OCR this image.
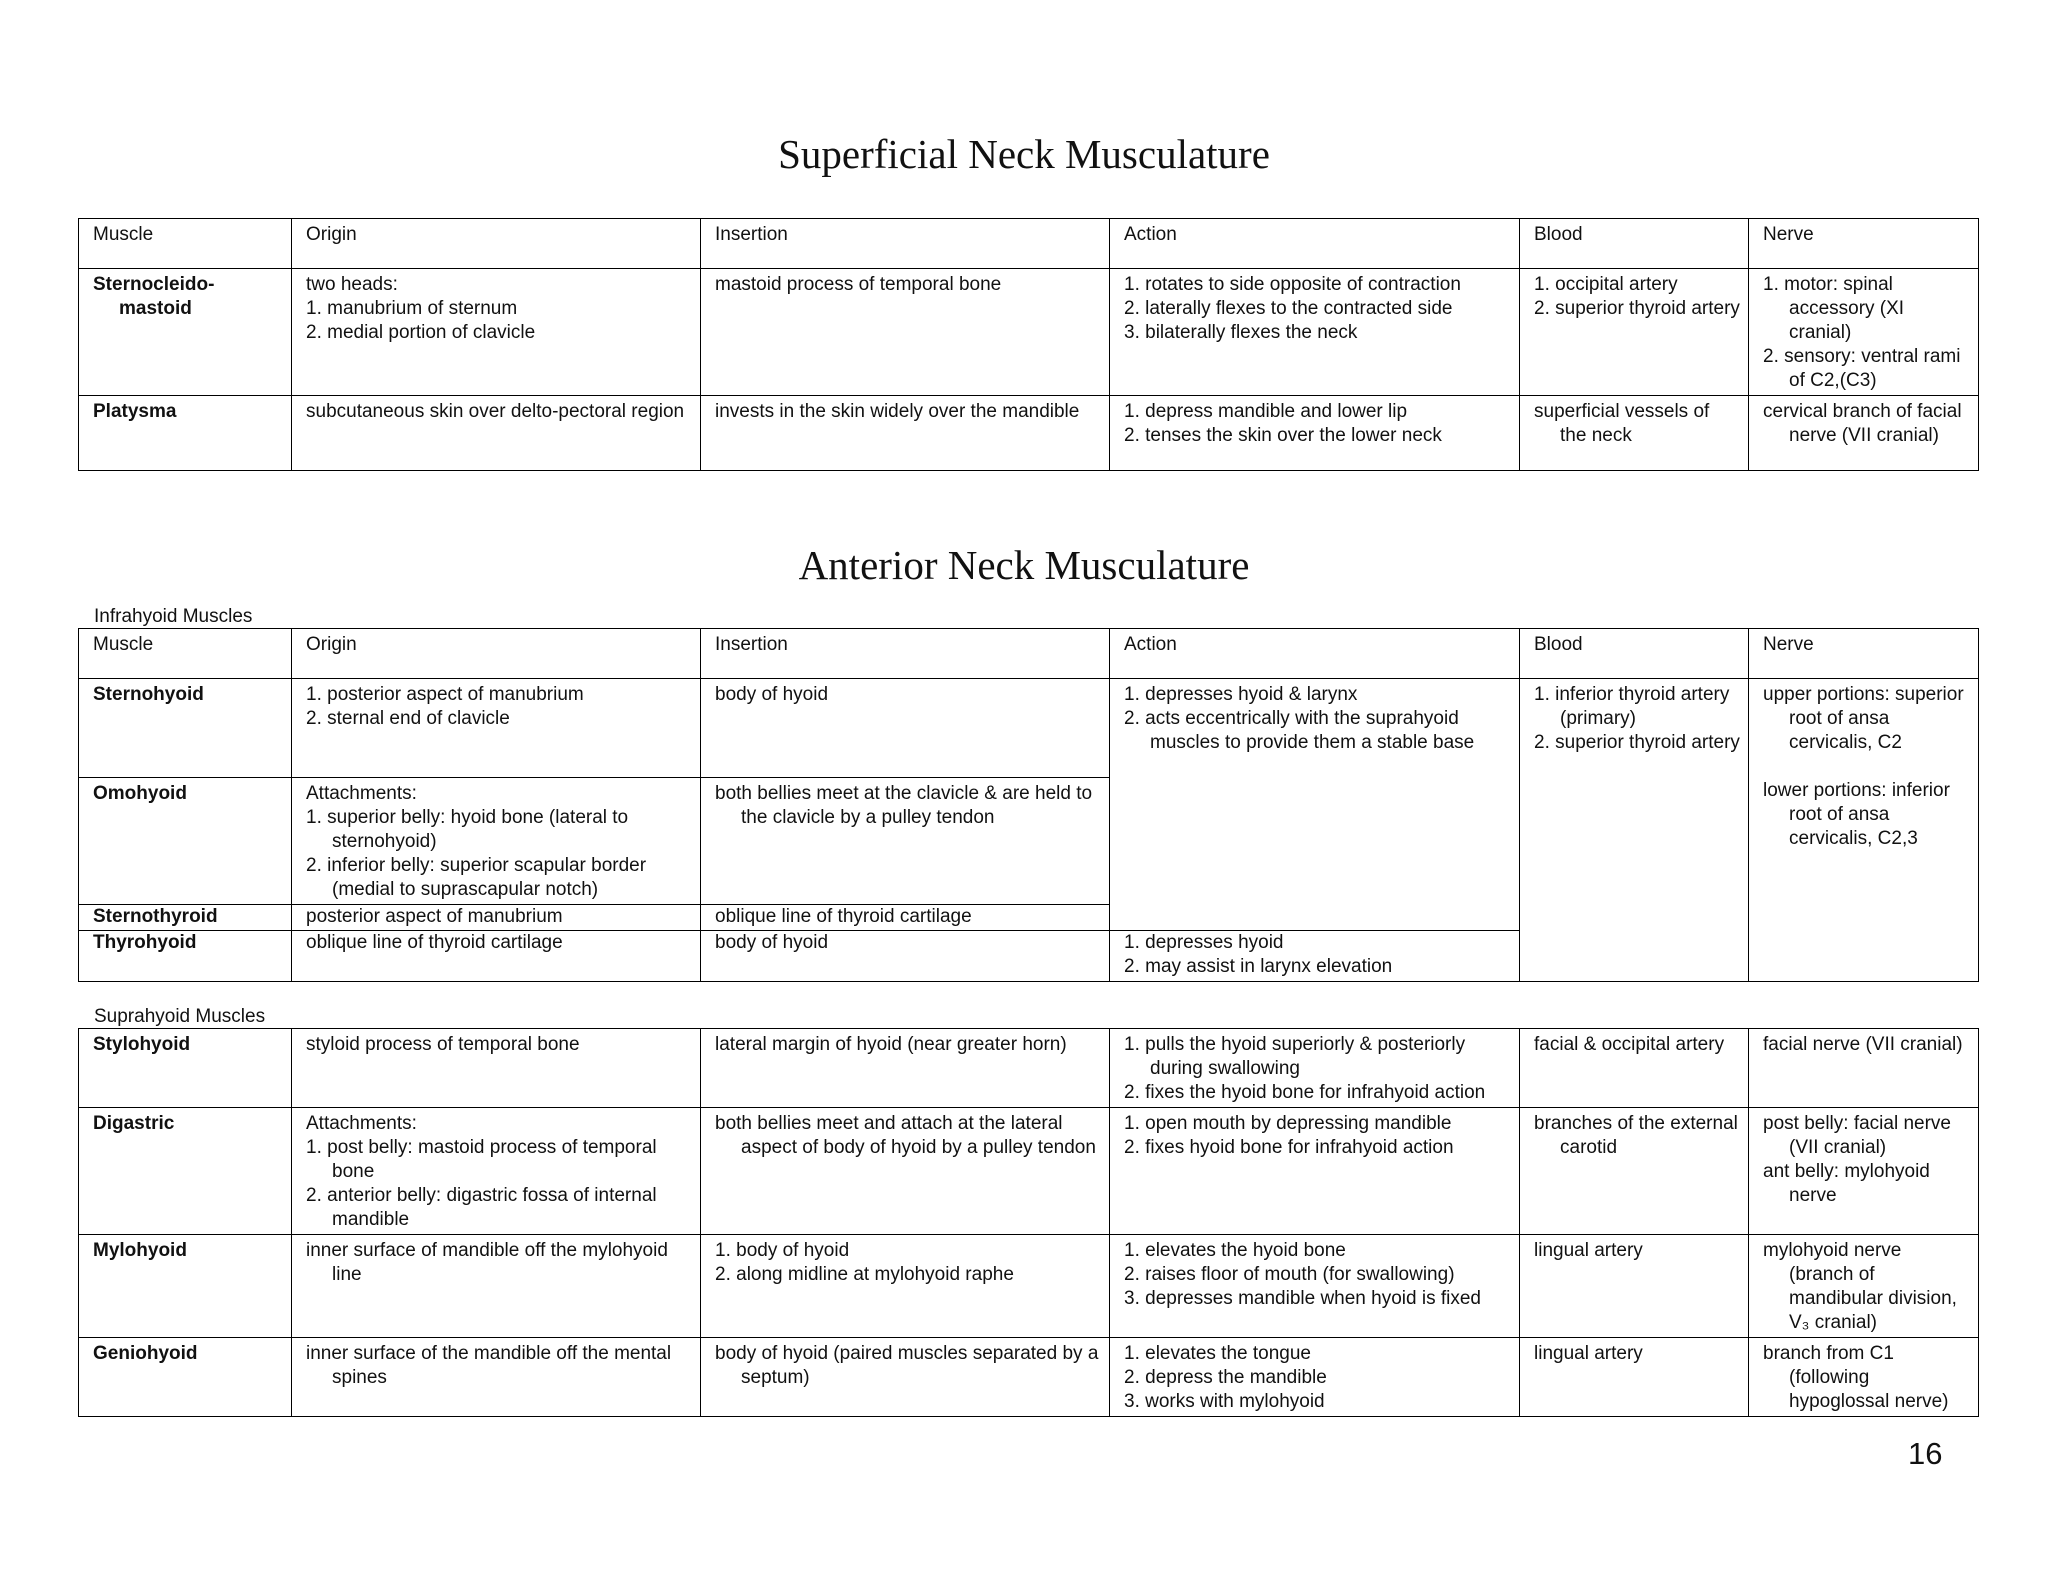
Superficial Neck Musculature
Muscle	Origin	Insertion	Action	Blood	Nerve

Sternocleido-
mastoid	two heads:
1. manubrium of sternum
2. medial portion of clavicle	mastoid process of temporal bone	1. rotates to side opposite of contraction
2. laterally flexes to the contracted side
3. bilaterally flexes the neck	1. occipital artery
2. superior thyroid artery	1. motor: spinal accessory (XI cranial)
2. sensory: ventral rami of C2,(C3)

Platysma	subcutaneous skin over delto-pectoral region	invests in the skin widely over the mandible	1. depress mandible and lower lip
2. tenses the skin over the lower neck	superficial vessels of the neck	cervical branch of facial nerve (VII cranial)
Anterior Neck Musculature
Infrahyoid Muscles
Muscle	Origin	Insertion	Action	Blood	Nerve

Sternohyoid	1. posterior aspect of manubrium
2. sternal end of clavicle	body of hyoid	1. depresses hyoid & larynx
2. acts eccentrically with the suprahyoid muscles to provide them a stable base	1. inferior thyroid artery (primary)
2. superior thyroid artery	upper portions: superior root of ansa cervicalis, C2
lower portions: inferior root of ansa cervicalis, C2,3

Omohyoid	Attachments:
1. superior belly: hyoid bone (lateral to sternohyoid)
2. inferior belly: superior scapular border (medial to suprascapular notch)	both bellies meet at the clavicle & are held to the clavicle by a pulley tendon			

Sternothyroid	posterior aspect of manubrium	oblique line of thyroid cartilage			

Thyrohyoid	oblique line of thyroid cartilage	body of hyoid	1. depresses hyoid
2. may assist in larynx elevation		
Suprahyoid Muscles
Stylohyoid	styloid process of temporal bone	lateral margin of hyoid (near greater horn)	1. pulls the hyoid superiorly & posteriorly during swallowing
2. fixes the hyoid bone for infrahyoid action	facial & occipital artery	facial nerve (VII cranial)

Digastric	Attachments:
1. post belly: mastoid process of temporal bone
2. anterior belly: digastric fossa of internal mandible	both bellies meet and attach at the lateral aspect of body of hyoid by a pulley tendon	1. open mouth by depressing mandible
2. fixes hyoid bone for infrahyoid action	branches of the external carotid	post belly: facial nerve (VII cranial)
ant belly: mylohyoid nerve

Mylohyoid	inner surface of mandible off the mylohyoid line	1. body of hyoid
2. along midline at mylohyoid raphe	1. elevates the hyoid bone
2. raises floor of mouth (for swallowing)
3. depresses mandible when hyoid is fixed	lingual artery	mylohyoid nerve (branch of mandibular division, V₃ cranial)

Geniohyoid	inner surface of the mandible off the mental spines	body of hyoid (paired muscles separated by a septum)	1. elevates the tongue
2. depress the mandible
3. works with mylohyoid	lingual artery	branch from C1 (following hypoglossal nerve)
16
